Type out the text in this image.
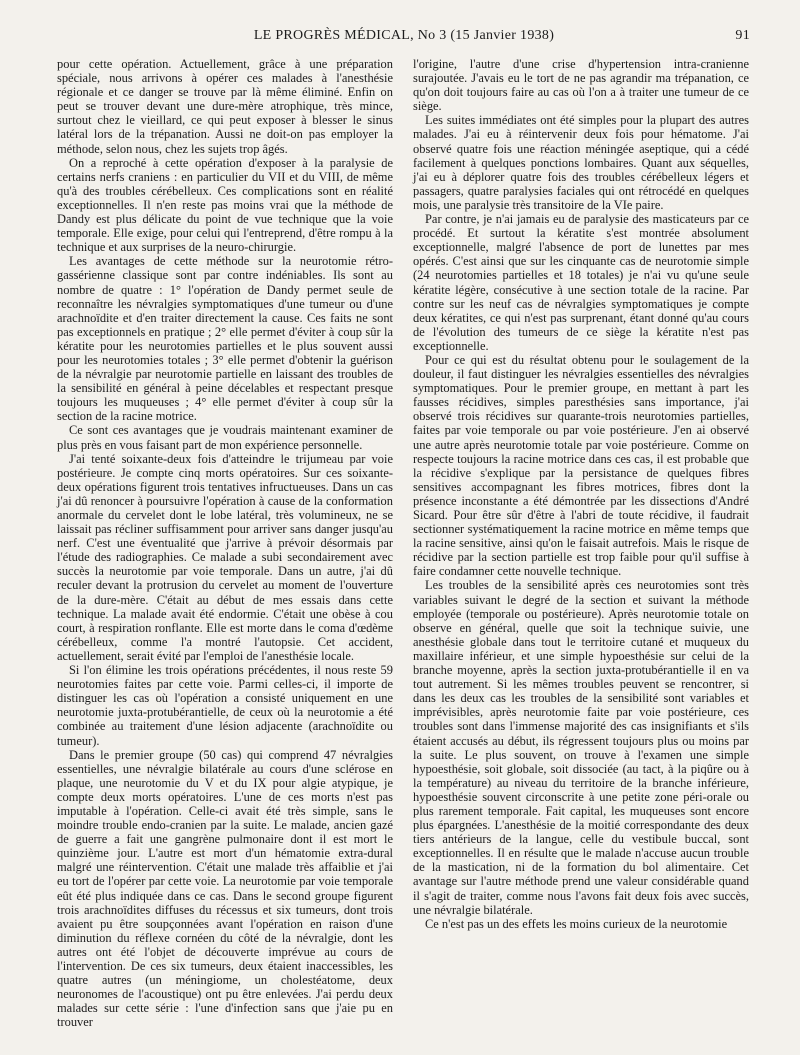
LE PROGRÈS MÉDICAL, No 3 (15 Janvier 1938)	91

pour cette opération. Actuellement, grâce à une préparation spéciale, nous arrivons à opérer ces malades à l'anesthésie régionale et ce danger se trouve par là même éliminé. Enfin on peut se trouver devant une dure-mère atrophique, très mince, surtout chez le vieillard, ce qui peut exposer à blesser le sinus latéral lors de la trépanation. Aussi ne doit-on pas employer la méthode, selon nous, chez les sujets trop âgés.

On a reproché à cette opération d'exposer à la paralysie de certains nerfs craniens : en particulier du VII et du VIII, de même qu'à des troubles cérébelleux. Ces complications sont en réalité exceptionnelles. Il n'en reste pas moins vrai que la méthode de Dandy est plus délicate du point de vue technique que la voie temporale. Elle exige, pour celui qui l'entreprend, d'être rompu à la technique et aux surprises de la neuro-chirurgie.

Les avantages de cette méthode sur la neurotomie rétro-gassérienne classique sont par contre indéniables. Ils sont au nombre de quatre : 1° l'opération de Dandy permet seule de reconnaître les névralgies symptomatiques d'une tumeur ou d'une arachnoïdite et d'en traiter directement la cause. Ces faits ne sont pas exceptionnels en pratique ; 2° elle permet d'éviter à coup sûr la kératite pour les neurotomies partielles et le plus souvent aussi pour les neurotomies totales ; 3° elle permet d'obtenir la guérison de la névralgie par neurotomie partielle en laissant des troubles de la sensibilité en général à peine décelables et respectant presque toujours les muqueuses ; 4° elle permet d'éviter à coup sûr la section de la racine motrice.

Ce sont ces avantages que je voudrais maintenant examiner de plus près en vous faisant part de mon expérience personnelle.

J'ai tenté soixante-deux fois d'atteindre le trijumeau par voie postérieure. Je compte cinq morts opératoires. Sur ces soixante-deux opérations figurent trois tentatives infructueuses. Dans un cas j'ai dû renoncer à poursuivre l'opération à cause de la conformation anormale du cervelet dont le lobe latéral, très volumineux, ne se laissait pas récliner suffisamment pour arriver sans danger jusqu'au nerf. C'est une éventualité que j'arrive à prévoir désormais par l'étude des radiographies. Ce malade a subi secondairement avec succès la neurotomie par voie temporale. Dans un autre, j'ai dû reculer devant la protrusion du cervelet au moment de l'ouverture de la dure-mère. C'était au début de mes essais dans cette technique. La malade avait été endormie. C'était une obèse à cou court, à respiration ronflante. Elle est morte dans le coma d'œdème cérébelleux, comme l'a montré l'autopsie. Cet accident, actuellement, serait évité par l'emploi de l'anesthésie locale.

Si l'on élimine les trois opérations précédentes, il nous reste 59 neurotomies faites par cette voie. Parmi celles-ci, il importe de distinguer les cas où l'opération a consisté uniquement en une neurotomie juxta-protubérantielle, de ceux où la neurotomie a été combinée au traitement d'une lésion adjacente (arachnoïdite ou tumeur).

Dans le premier groupe (50 cas) qui comprend 47 névralgies essentielles, une névralgie bilatérale au cours d'une sclérose en plaque, une neurotomie du V et du IX pour algie atypique, je compte deux morts opératoires. L'une de ces morts n'est pas imputable à l'opération. Celle-ci avait été très simple, sans le moindre trouble endo-cranien par la suite. Le malade, ancien gazé de guerre a fait une gangrène pulmonaire dont il est mort le quinzième jour. L'autre est mort d'un hématomie extra-dural malgré une réintervention. C'était une malade très affaiblie et j'ai eu tort de l'opérer par cette voie. La neurotomie par voie temporale eût été plus indiquée dans ce cas. Dans le second groupe figurent trois arachnoïdites diffuses du récessus et six tumeurs, dont trois avaient pu être soupçonnées avant l'opération en raison d'une diminution du réflexe cornéen du côté de la névralgie, dont les autres ont été l'objet de découverte imprévue au cours de l'intervention. De ces six tumeurs, deux étaient inaccessibles, les quatre autres (un méningiome, un cholestéatome, deux neuronomes de l'acoustique) ont pu être enlevées. J'ai perdu deux malades sur cette série : l'une d'infection sans que j'aie pu en trouver

l'origine, l'autre d'une crise d'hypertension intra-cranienne surajoutée. J'avais eu le tort de ne pas agrandir ma trépanation, ce qu'on doit toujours faire au cas où l'on a à traiter une tumeur de ce siège.

Les suites immédiates ont été simples pour la plupart des autres malades. J'ai eu à réintervenir deux fois pour hématome. J'ai observé quatre fois une réaction méningée aseptique, qui a cédé facilement à quelques ponctions lombaires. Quant aux séquelles, j'ai eu à déplorer quatre fois des troubles cérébelleux légers et passagers, quatre paralysies faciales qui ont rétrocédé en quelques mois, une paralysie très transitoire de la VIe paire.

Par contre, je n'ai jamais eu de paralysie des masticateurs par ce procédé. Et surtout la kératite s'est montrée absolument exceptionnelle, malgré l'absence de port de lunettes par mes opérés. C'est ainsi que sur les cinquante cas de neurotomie simple (24 neurotomies partielles et 18 totales) je n'ai vu qu'une seule kératite légère, consécutive à une section totale de la racine. Par contre sur les neuf cas de névralgies symptomatiques je compte deux kératites, ce qui n'est pas surprenant, étant donné qu'au cours de l'évolution des tumeurs de ce siège la kératite n'est pas exceptionnelle.

Pour ce qui est du résultat obtenu pour le soulagement de la douleur, il faut distinguer les névralgies essentielles des névralgies symptomatiques. Pour le premier groupe, en mettant à part les fausses récidives, simples paresthésies sans importance, j'ai observé trois récidives sur quarante-trois neurotomies partielles, faites par voie temporale ou par voie postérieure. J'en ai observé une autre après neurotomie totale par voie postérieure. Comme on respecte toujours la racine motrice dans ces cas, il est probable que la récidive s'explique par la persistance de quelques fibres sensitives accompagnant les fibres motrices, fibres dont la présence inconstante a été démontrée par les dissections d'André Sicard. Pour être sûr d'être à l'abri de toute récidive, il faudrait sectionner systématiquement la racine motrice en même temps que la racine sensitive, ainsi qu'on le faisait autrefois. Mais le risque de récidive par la section partielle est trop faible pour qu'il suffise à faire condamner cette nouvelle technique.

Les troubles de la sensibilité après ces neurotomies sont très variables suivant le degré de la section et suivant la méthode employée (temporale ou postérieure). Après neurotomie totale on observe en général, quelle que soit la technique suivie, une anesthésie globale dans tout le territoire cutané et muqueux du maxillaire inférieur, et une simple hypoesthésie sur celui de la branche moyenne, après la section juxta-protubérantielle il en va tout autrement. Si les mêmes troubles peuvent se rencontrer, si dans les deux cas les troubles de la sensibilité sont variables et imprévisibles, après neurotomie faite par voie postérieure, ces troubles sont dans l'immense majorité des cas insignifiants et s'ils étaient accusés au début, ils régressent toujours plus ou moins par la suite. Le plus souvent, on trouve à l'examen une simple hypoesthésie, soit globale, soit dissociée (au tact, à la piqûre ou à la température) au niveau du territoire de la branche inférieure, hypoesthésie souvent circonscrite à une petite zone péri-orale ou plus rarement temporale. Fait capital, les muqueuses sont encore plus épargnées. L'anesthésie de la moitié correspondante des deux tiers antérieurs de la langue, celle du vestibule buccal, sont exceptionnelles. Il en résulte que le malade n'accuse aucun trouble de la mastication, ni de la formation du bol alimentaire. Cet avantage sur l'autre méthode prend une valeur considérable quand il s'agit de traiter, comme nous l'avons fait deux fois avec succès, une névralgie bilatérale.

Ce n'est pas un des effets les moins curieux de la neurotomie
